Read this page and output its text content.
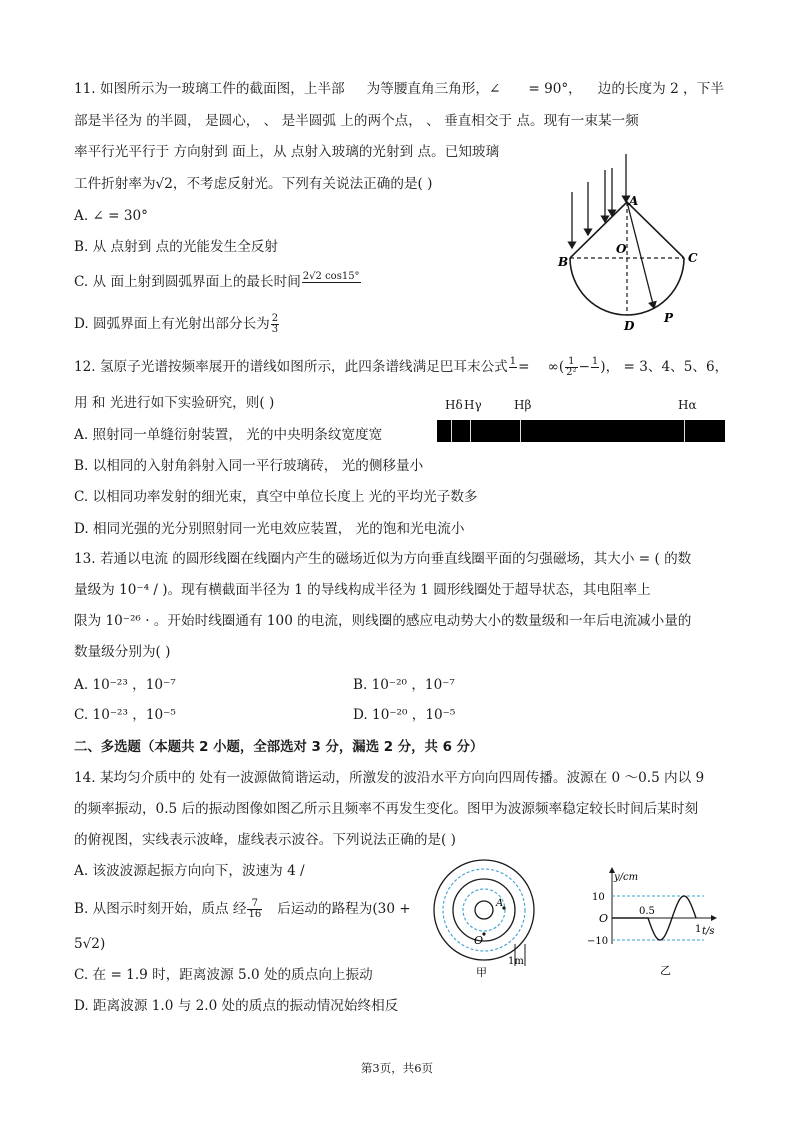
11. 如图所示为一玻璃工件的截面图，上半部 为等腰直角三角形，∠ = 90°， 边的长度为 2 ，下半
部是半径为 的半圆， 是圆心， 、 是半圆弧 上的两个点， 、 垂直相交于 点。现有一束某一频
率平行光平行于 方向射到 面上，从 点射入玻璃的光射到 点。已知玻璃
工件折射率为√2，不考虑反射光。下列有关说法正确的是( )
A. ∠ = 30°
B. 从 点射到 点的光能发生全反射
C. 从 面上射到圆弧界面上的最长时间 2√2 cos15°

D. 圆弧界面上有光射出部分长为 $\frac{2}{3}$
A
B	C
O
D
P
12. 氢原子光谱按频率展开的谱线如图所示，此四条谱线满足巴耳末公式 1
= ∞( $\frac{1}{\text{2²}} - 1$
)， = 3、4、5、6，
用 和 光进行如下实验研究，则( )
A. 照射同一单缝衍射装置， 光的中央明条纹宽度宽
B. 以相同的入射角斜射入同一平行玻璃砖， 光的侧移量小
C. 以相同功率发射的细光束，真空中单位长度上 光的平均光子数多
D. 相同光强的光分别照射同一光电效应装置， 光的饱和光电流小
Hδ Hγ	Hβ	Hα
13. 若通以电流 的圆形线圈在线圈内产生的磁场近似为方向垂直线圈平面的匀强磁场，其大小 = ( 的数
量级为 10⁻⁴ / )。现有横截面半径为 1 的导线构成半径为 1 圆形线圈处于超导状态，其电阻率上
限为 10⁻²⁶ · 。开始时线圈通有 100 的电流，则线圈的感应电动势大小的数量级和一年后电流减小量的
数量级分别为( )
A. 10⁻²³ ，10⁻⁷	B. 10⁻²⁰ ，10⁻⁷
C. 10⁻²³ ，10⁻⁵	D. 10⁻²⁰ ，10⁻⁵
二、多选题（本题共 2 小题，全部选对 3 分，漏选 2 分，共 6 分）
14. 某均匀介质中的 处有一波源做简谐运动，所激发的波沿水平方向向四周传播。波源在 0 ～0.5 内以 9
的频率振动，0.5 后的振动图像如图乙所示且频率不再发生变化。图甲为波源频率稳定较长时间后某时刻
的俯视图，实线表示波峰，虚线表示波谷。下列说法正确的是( )
A. 该波波源起振方向向下，波速为 4 /
B. 从图示时刻开始，质点 经 $\frac{7}{16}$ 后运动的路程为(30 +
5√2)
C. 在 = 1.9 时，距离波源 5.0 处的质点向上振动
D. 距离波源 1.0 与 2.0 处的质点的振动情况始终相反
O
A
1m
甲
y/cm
t/s
10
−10
O
0.5
1
乙
第3页，共6页
